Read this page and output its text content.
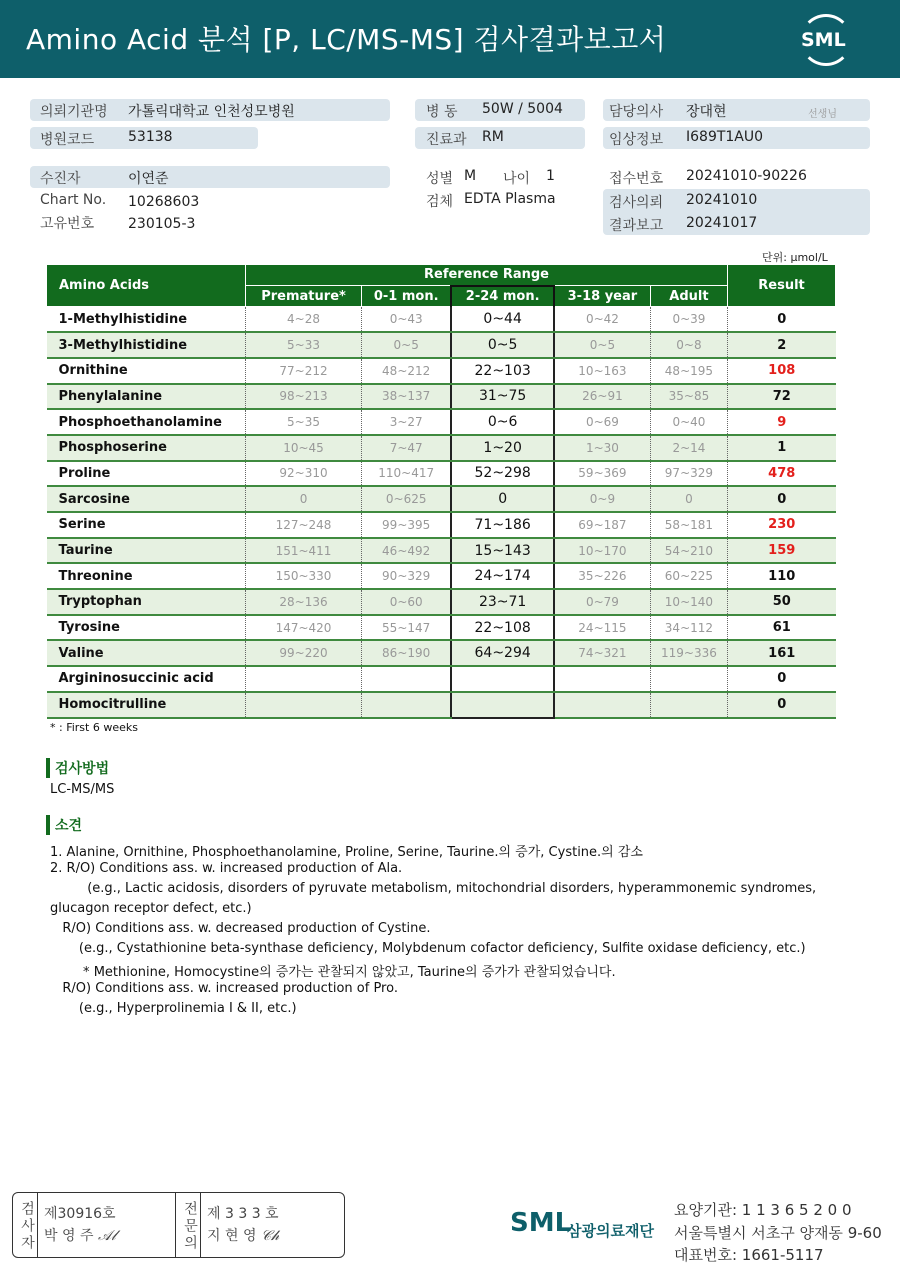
Amino Acid 분석 [P, LC/MS-MS] 검사결과보고서	SML
의뢰기관명 가톨릭대학교 인천성모병원
병원코드 53138
병 동 50W / 5004
진료과 RM
담당의사 장대현	선생님
임상정보 I689T1AU0
수진자	이연준
Chart No. 10268603
고유번호 230105-3
성별 M 나이 1
검체 EDTA Plasma
접수번호 20241010-90226
검사의뢰 20241010
결과보고 20241017
단위: μmol/L
Amino Acids	Reference Range					Result
	Premature*	0-1 mon.	2-24 mon.	3-18 year	Adult	
1-Methylhistidine	4~28	0~43	0~44	0~42	0~39	0
3-Methylhistidine	5~33	0~5	0~5	0~5	0~8	2
Ornithine	77~212	48~212	22~103	10~163	48~195	108
Phenylalanine	98~213	38~137	31~75	26~91	35~85	72
Phosphoethanolamine	5~35	3~27	0~6	0~69	0~40	9
Phosphoserine	10~45	7~47	1~20	1~30	2~14	1
Proline	92~310	110~417	52~298	59~369	97~329	478
Sarcosine	0	0~625	0	0~9	0	0
Serine	127~248	99~395	71~186	69~187	58~181	230
Taurine	151~411	46~492	15~143	10~170	54~210	159
Threonine	150~330	90~329	24~174	35~226	60~225	110
Tryptophan	28~136	0~60	23~71	0~79	10~140	50
Tyrosine	147~420	55~147	22~108	24~115	34~112	61
Valine	99~220	86~190	64~294	74~321	119~336	161
Argininosuccinic acid						0
Homocitrulline						0
* : First 6 weeks
검사방법
LC-MS/MS
소견
1. Alanine, Ornithine, Phosphoethanolamine, Proline, Serine, Taurine.의 증가, Cystine.의 감소
2. R/O) Conditions ass. w. increased production of Ala.
(e.g., Lactic acidosis, disorders of pyruvate metabolism, mitochondrial disorders, hyperammonemic syndromes,
glucagon receptor defect, etc.)
R/O) Conditions ass. w. decreased production of Cystine.
(e.g., Cystathionine beta-synthase deficiency, Molybdenum cofactor deficiency, Sulfite oxidase deficiency, etc.)
* Methionine, Homocystine의 증가는 관찰되지 않았고, Taurine의 증가가 관찰되었습니다.
R/O) Conditions ass. w. increased production of Pro.
(e.g., Hyperprolinemia I & II, etc.)
검사자 제30916호
박 영 주 𝒜𝓁	전문의 제 3 3 3 호
지 현 영 𝒞𝒽	SML
삼광의료재단
요양기관: 1 1 3 6 5 2 0 0
서울특별시 서초구 양재동 9-60
대표번호: 1661-5117
